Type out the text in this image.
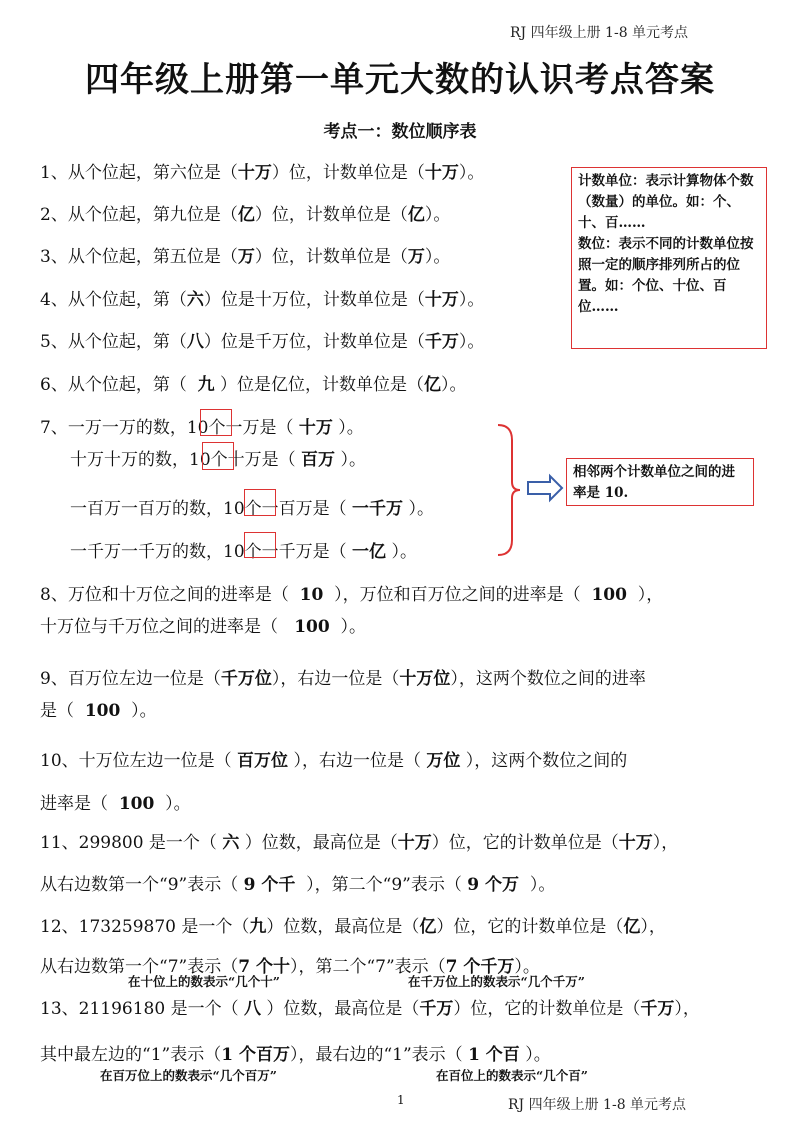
RJ 四年级上册 1-8 单元考点
四年级上册第一单元大数的认识考点答案
考点一：数位顺序表
计数单位：表示计算物体个数（数量）的单位。如：个、十、百……
数位：表示不同的计数单位按照一定的顺序排列所占的位置。如：个位、十位、百位……
1、从个位起，第六位是（十万）位，计数单位是（十万）。
2、从个位起，第九位是（亿）位，计数单位是（亿）。
3、从个位起，第五位是（万）位，计数单位是（万）。
4、从个位起，第（六）位是十万位，计数单位是（十万）。
5、从个位起，第（八）位是千万位，计数单位是（千万）。
6、从个位起，第（ 九 ）位是亿位，计数单位是（亿）。
7、一万一万的数，10个一万是（ 十万 ）。
十万十万的数，10个十万是（ 百万 ）。
一百万一百万的数，10个一百万是（ 一千万 ）。
一千万一千万的数，10个一千万是（ 一亿 ）。
相邻两个计数单位之间的进率是 10.
8、万位和十万位之间的进率是（ 10 ），万位和百万位之间的进率是（ 100 ），
十万位与千万位之间的进率是（ 100 ）。
9、百万位左边一位是（千万位），右边一位是（十万位），这两个数位之间的进率
是（ 100 ）。
10、十万位左边一位是（ 百万位 ），右边一位是（ 万位 ），这两个数位之间的
进率是（ 100 ）。
11、299800 是一个（ 六 ）位数，最高位是（十万）位，它的计数单位是（十万），
从右边数第一个“9”表示（ 9 个千 ），第二个“9”表示（ 9 个万 ）。
12、173259870 是一个（九）位数，最高位是（亿）位，它的计数单位是（亿），
从右边数第一个“7”表示（7 个十），第二个“7”表示（7 个千万）。
在十位上的数表示“几个十”	在千万位上的数表示“几个千万”
13、21196180 是一个（ 八 ）位数，最高位是（千万）位，它的计数单位是（千万），
其中最左边的“1”表示（1 个百万），最右边的“1”表示（ 1 个百 ）。
在百万位上的数表示“几个百万”	在百位上的数表示“几个百”
1	RJ 四年级上册 1-8 单元考点
